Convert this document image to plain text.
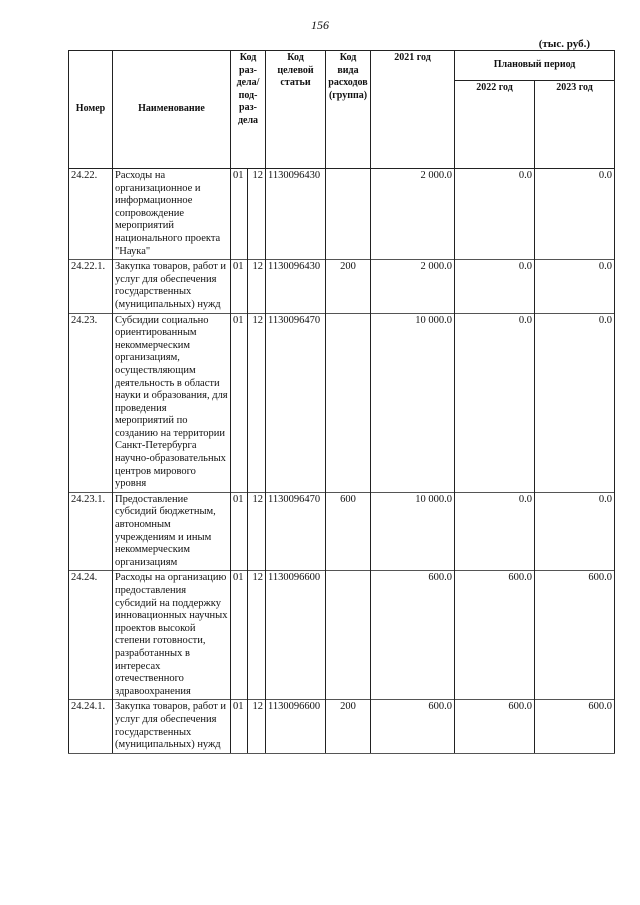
156
(тыс. руб.)
Номер	Наименование	Код раз- дела/ под- раз- дела		Код целевой статьи	Код вида расходов (группа)	2021 год	Плановый период	
							2022 год	2023 год
24.22.	Расходы на организационное и информационное сопровождение мероприятий национального проекта "Наука"	01	12	1130096430		2 000.0	0.0	0.0
24.22.1.	Закупка товаров, работ и услуг для обеспечения государственных (муниципальных) нужд	01	12	1130096430	200	2 000.0	0.0	0.0
24.23.	Субсидии социально ориентированным некоммерческим организациям, осуществляющим деятельность в области науки и образования, для проведения мероприятий по созданию на территории Санкт-Петербурга научно-образовательных центров мирового уровня	01	12	1130096470		10 000.0	0.0	0.0
24.23.1.	Предоставление субсидий бюджетным, автономным учреждениям и иным некоммерческим организациям	01	12	1130096470	600	10 000.0	0.0	0.0
24.24.	Расходы на организацию предоставления субсидий на поддержку инновационных научных проектов высокой степени готовности, разработанных в интересах отечественного здравоохранения	01	12	1130096600		600.0	600.0	600.0
24.24.1.	Закупка товаров, работ и услуг для обеспечения государственных (муниципальных) нужд	01	12	1130096600	200	600.0	600.0	600.0
